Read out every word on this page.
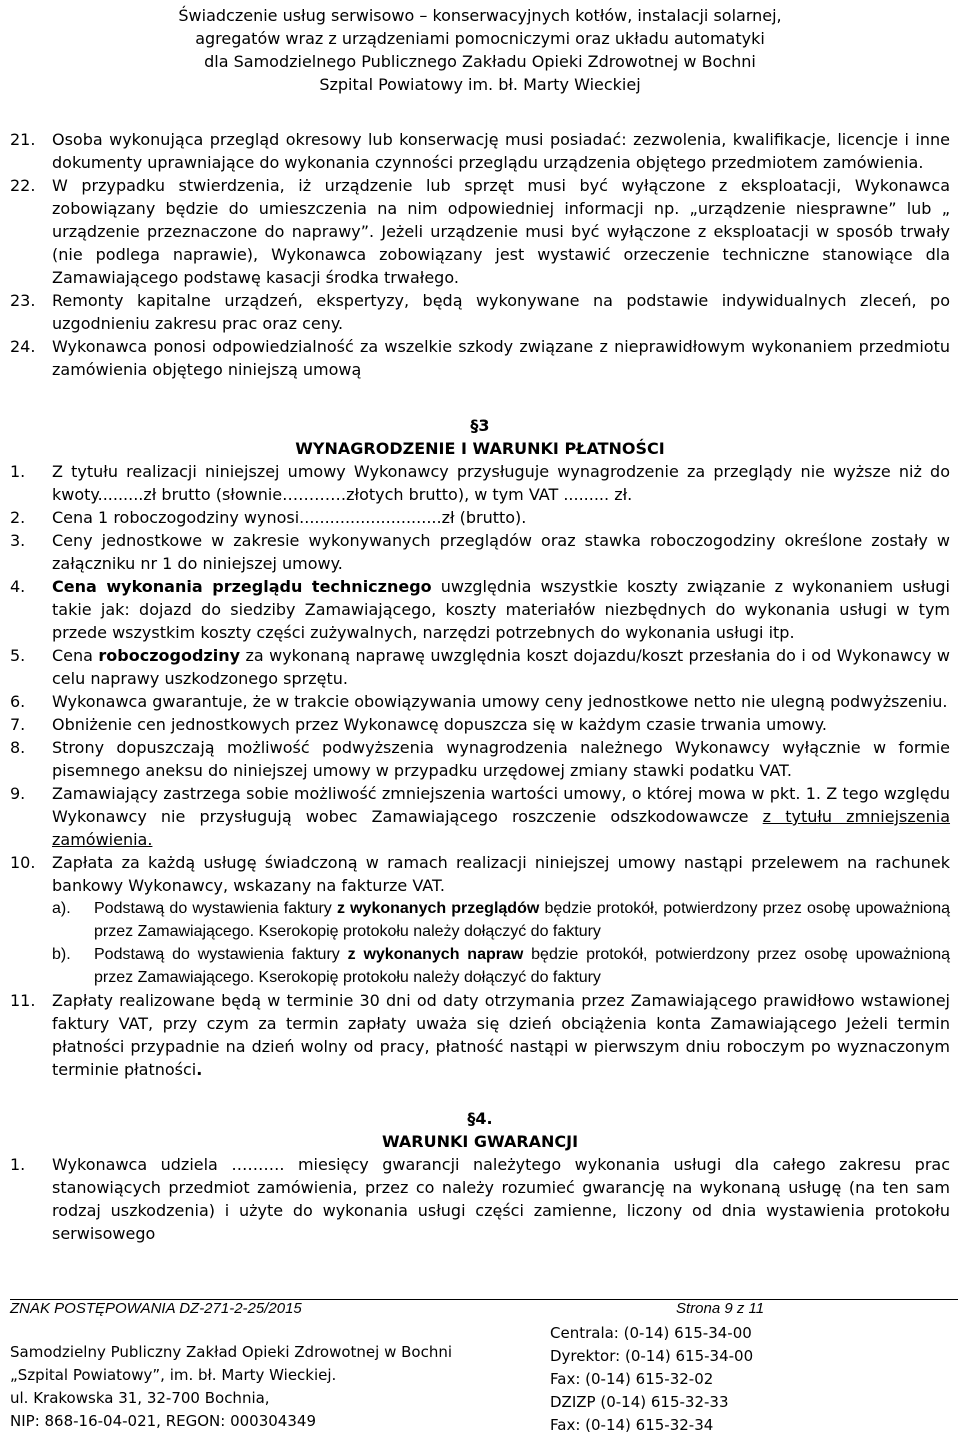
Świadczenie usług serwisowo – konserwacyjnych kotłów, instalacji solarnej,
agregatów wraz z urządzeniami pomocniczymi oraz układu automatyki
dla Samodzielnego Publicznego Zakładu Opieki Zdrowotnej w Bochni
Szpital Powiatowy im. bł. Marty Wieckiej
21. Osoba wykonująca przegląd okresowy lub konserwację musi posiadać: zezwolenia, kwalifikacje, licencje i inne dokumenty uprawniające do wykonania czynności przeglądu urządzenia objętego przedmiotem zamówienia.
22. W przypadku stwierdzenia, iż urządzenie lub sprzęt musi być wyłączone z eksploatacji, Wykonawca zobowiązany będzie do umieszczenia na nim odpowiedniej informacji np. „urządzenie niesprawne” lub „ urządzenie przeznaczone do naprawy”. Jeżeli urządzenie musi być wyłączone z eksploatacji w sposób trwały (nie podlega naprawie), Wykonawca zobowiązany jest wystawić orzeczenie techniczne stanowiące dla Zamawiającego podstawę kasacji środka trwałego.
23. Remonty kapitalne urządzeń, ekspertyzy, będą wykonywane na podstawie indywidualnych zleceń, po uzgodnieniu zakresu prac oraz ceny.
24. Wykonawca ponosi odpowiedzialność za wszelkie szkody związane z nieprawidłowym wykonaniem przedmiotu zamówienia objętego niniejszą umową
§3
WYNAGRODZENIE I WARUNKI PŁATNOŚCI
1. Z tytułu realizacji niniejszej umowy Wykonawcy przysługuje wynagrodzenie za przeglądy nie wyższe niż do kwoty.........zł brutto (słownie…………złotych brutto), w tym VAT ......... zł.
2. Cena 1 roboczogodziny wynosi............................zł (brutto).
3. Ceny jednostkowe w zakresie wykonywanych przeglądów oraz stawka roboczogodziny określone zostały w załączniku nr 1 do niniejszej umowy.
4. Cena wykonania przeglądu technicznego uwzględnia wszystkie koszty związanie z wykonaniem usługi takie jak: dojazd do siedziby Zamawiającego, koszty materiałów niezbędnych do wykonania usługi w tym przede wszystkim koszty części zużywalnych, narzędzi potrzebnych do wykonania usługi itp.
5. Cena roboczogodziny za wykonaną naprawę uwzględnia koszt dojazdu/koszt przesłania do i od Wykonawcy w celu naprawy uszkodzonego sprzętu.
6. Wykonawca gwarantuje, że w trakcie obowiązywania umowy ceny jednostkowe netto nie ulegną podwyższeniu.
7. Obniżenie cen jednostkowych przez Wykonawcę dopuszcza się w każdym czasie trwania umowy.
8. Strony dopuszczają możliwość podwyższenia wynagrodzenia należnego Wykonawcy wyłącznie w formie pisemnego aneksu do niniejszej umowy w przypadku urzędowej zmiany stawki podatku VAT.
9. Zamawiający zastrzega sobie możliwość zmniejszenia wartości umowy, o której mowa w pkt. 1. Z tego względu Wykonawcy nie przysługują wobec Zamawiającego roszczenie odszkodowawcze z tytułu zmniejszenia zamówienia.
10. Zapłata za każdą usługę świadczoną w ramach realizacji niniejszej umowy nastąpi przelewem na rachunek bankowy Wykonawcy, wskazany na fakturze VAT.
a). Podstawą do wystawienia faktury z wykonanych przeglądów będzie protokół, potwierdzony przez osobę upoważnioną przez Zamawiającego. Kserokopię protokołu należy dołączyć do faktury
b). Podstawą do wystawienia faktury z wykonanych napraw będzie protokół, potwierdzony przez osobę upoważnioną przez Zamawiającego. Kserokopię protokołu należy dołączyć do faktury
11. Zapłaty realizowane będą w terminie 30 dni od daty otrzymania przez Zamawiającego prawidłowo wstawionej faktury VAT, przy czym za termin zapłaty uważa się dzień obciążenia konta Zamawiającego Jeżeli termin płatności przypadnie na dzień wolny od pracy, płatność nastąpi w pierwszym dniu roboczym po wyznaczonym terminie płatności.
§4.
WARUNKI GWARANCJI
1. Wykonawca udziela ………. miesięcy gwarancji należytego wykonania usługi dla całego zakresu prac stanowiących przedmiot zamówienia, przez co należy rozumieć gwarancję na wykonaną usługę (na ten sam rodzaj uszkodzenia) i użyte do wykonania usługi części zamienne, liczony od dnia wystawienia protokołu serwisowego
ZNAK POSTĘPOWANIA DZ-271-2-25/2015	Strona 9 z 11
Samodzielny Publiczny Zakład Opieki Zdrowotnej w Bochni
„Szpital Powiatowy”, im. bł. Marty Wieckiej.
ul. Krakowska 31, 32-700 Bochnia,
NIP: 868-16-04-021, REGON: 000304349
Centrala: (0-14) 615-34-00
Dyrektor: (0-14) 615-34-00
Fax: (0-14) 615-32-02
DZIZP (0-14) 615-32-33
Fax: (0-14) 615-32-34
